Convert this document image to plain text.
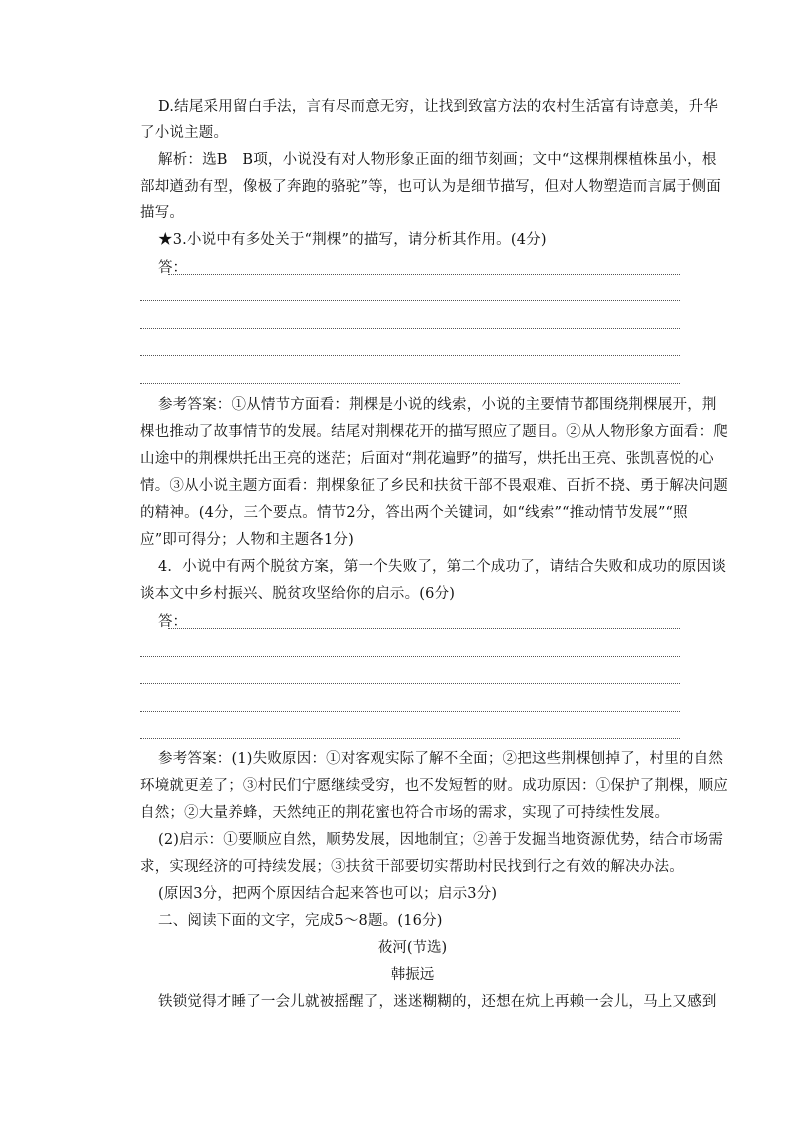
D.结尾采用留白手法，言有尽而意无穷，让找到致富方法的农村生活富有诗意美，升华
了小说主题。
解析：选B　B项，小说没有对人物形象正面的细节刻画；文中“这棵荆棵植株虽小，根
部却遒劲有型，像极了奔跑的骆驼”等，也可认为是细节描写，但对人物塑造而言属于侧面
描写。
★3.小说中有多处关于“荆棵”的描写，请分析其作用。(4分)
答：
参考答案：①从情节方面看：荆棵是小说的线索，小说的主要情节都围绕荆棵展开，荆
棵也推动了故事情节的发展。结尾对荆棵花开的描写照应了题目。②从人物形象方面看：爬
山途中的荆棵烘托出王亮的迷茫；后面对“荆花遍野”的描写，烘托出王亮、张凯喜悦的心
情。③从小说主题方面看：荆棵象征了乡民和扶贫干部不畏艰难、百折不挠、勇于解决问题
的精神。(4分，三个要点。情节2分，答出两个关键词，如“线索”“推动情节发展”“照
应”即可得分；人物和主题各1分)
4．小说中有两个脱贫方案，第一个失败了，第二个成功了，请结合失败和成功的原因谈
谈本文中乡村振兴、脱贫攻坚给你的启示。(6分)
答：
参考答案：(1)失败原因：①对客观实际了解不全面；②把这些荆棵刨掉了，村里的自然
环境就更差了；③村民们宁愿继续受穷，也不发短暂的财。成功原因：①保护了荆棵，顺应
自然；②大量养蜂，天然纯正的荆花蜜也符合市场的需求，实现了可持续性发展。
(2)启示：①要顺应自然，顺势发展，因地制宜；②善于发掘当地资源优势，结合市场需
求，实现经济的可持续发展；③扶贫干部要切实帮助村民找到行之有效的解决办法。
(原因3分，把两个原因结合起来答也可以；启示3分)
二、阅读下面的文字，完成5～8题。(16分)
莜河(节选)
韩振远
铁锁觉得才睡了一会儿就被摇醒了，迷迷糊糊的，还想在炕上再赖一会儿，马上又感到
